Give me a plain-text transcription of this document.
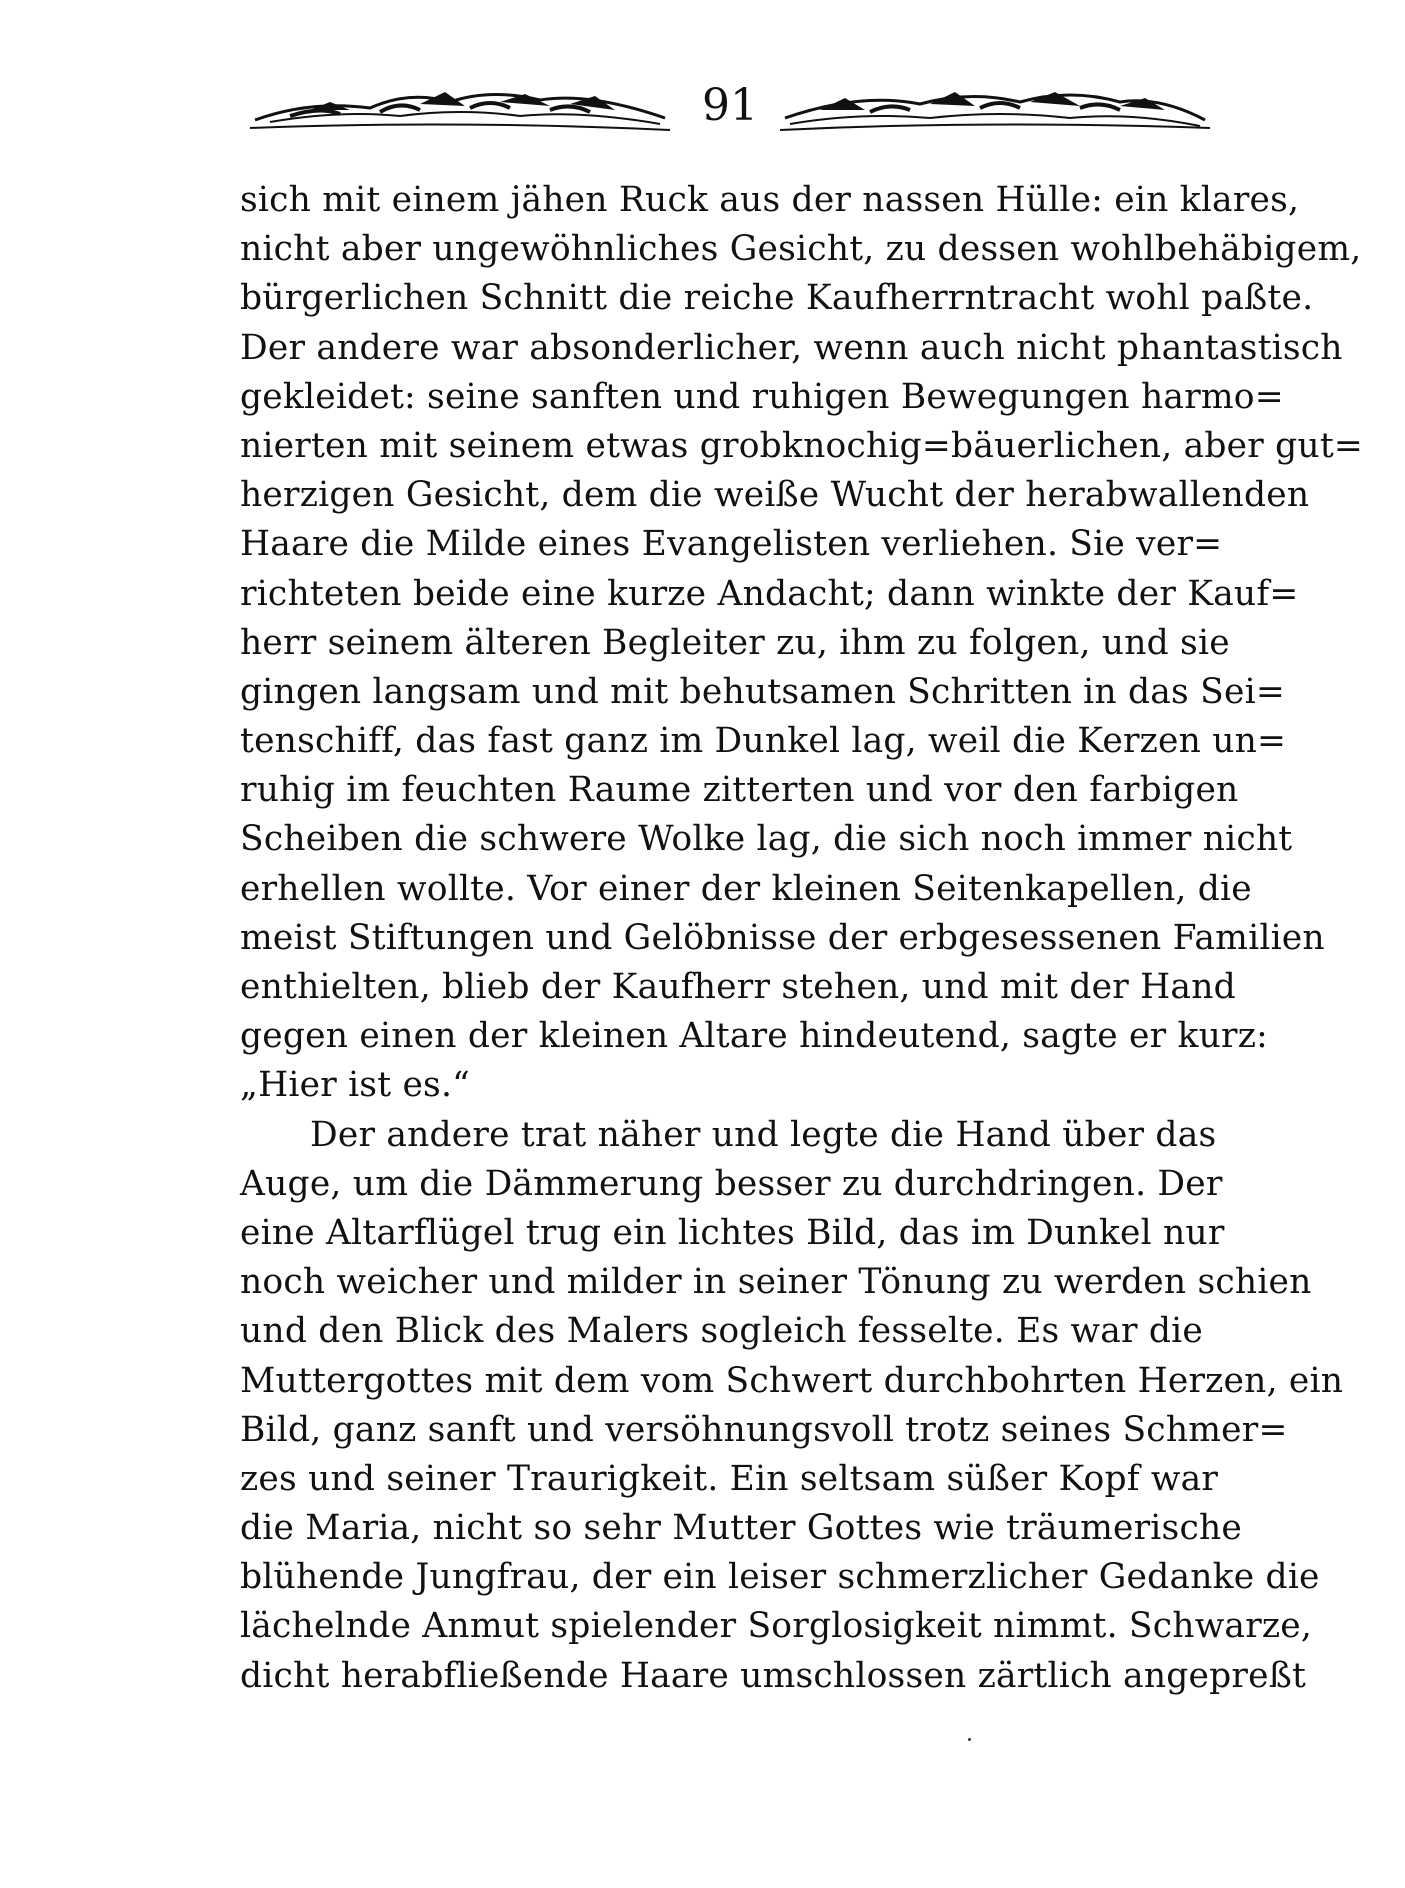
91
sich mit einem jähen Ruck aus der nassen Hülle: ein klares,
nicht aber ungewöhnliches Gesicht, zu dessen wohlbehäbigem,
bürgerlichen Schnitt die reiche Kaufherrntracht wohl paßte.
Der andere war absonderlicher, wenn auch nicht phantastisch
gekleidet: seine sanften und ruhigen Bewegungen harmo=
nierten mit seinem etwas grobknochig=bäuerlichen, aber gut=
herzigen Gesicht, dem die weiße Wucht der herabwallenden
Haare die Milde eines Evangelisten verliehen. Sie ver=
richteten beide eine kurze Andacht; dann winkte der Kauf=
herr seinem älteren Begleiter zu, ihm zu folgen, und sie
gingen langsam und mit behutsamen Schritten in das Sei=
tenschiff, das fast ganz im Dunkel lag, weil die Kerzen un=
ruhig im feuchten Raume zitterten und vor den farbigen
Scheiben die schwere Wolke lag, die sich noch immer nicht
erhellen wollte. Vor einer der kleinen Seitenkapellen, die
meist Stiftungen und Gelöbnisse der erbgesessenen Familien
enthielten, blieb der Kaufherr stehen, und mit der Hand
gegen einen der kleinen Altare hindeutend, sagte er kurz:
„Hier ist es.“
Der andere trat näher und legte die Hand über das
Auge, um die Dämmerung besser zu durchdringen. Der
eine Altarflügel trug ein lichtes Bild, das im Dunkel nur
noch weicher und milder in seiner Tönung zu werden schien
und den Blick des Malers sogleich fesselte. Es war die
Muttergottes mit dem vom Schwert durchbohrten Herzen, ein
Bild, ganz sanft und versöhnungsvoll trotz seines Schmer=
zes und seiner Traurigkeit. Ein seltsam süßer Kopf war
die Maria, nicht so sehr Mutter Gottes wie träumerische
blühende Jungfrau, der ein leiser schmerzlicher Gedanke die
lächelnde Anmut spielender Sorglosigkeit nimmt. Schwarze,
dicht herabfließende Haare umschlossen zärtlich angepreßt
